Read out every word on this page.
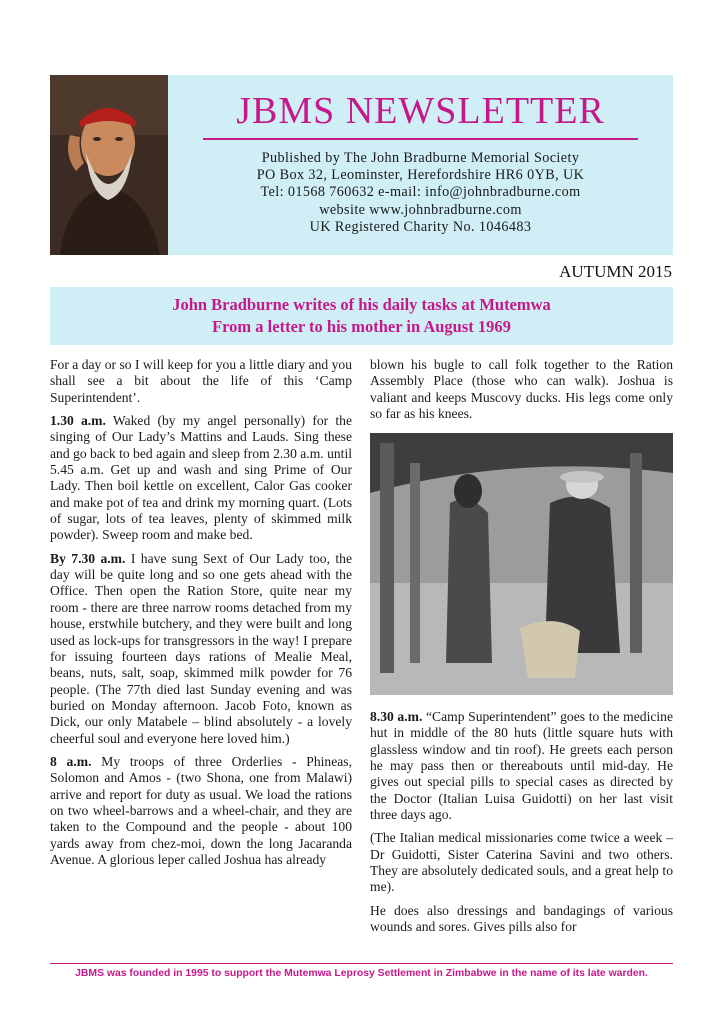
JBMS NEWSLETTER
Published by The John Bradburne Memorial Society
PO Box 32, Leominster, Herefordshire HR6 0YB, UK
Tel: 01568 760632 e-mail: info@johnbradburne.com
website www.johnbradburne.com
UK Registered Charity No. 1046483
AUTUMN 2015
John Bradburne writes of his daily tasks at Mutemwa
From a letter to his mother in August 1969

For a day or so I will keep for you a little diary and you shall see a bit about the life of this ‘Camp Superintendent’.

1.30 a.m. Waked (by my angel personally) for the singing of Our Lady’s Mattins and Lauds. Sing these and go back to bed again and sleep from 2.30 a.m. until 5.45 a.m. Get up and wash and sing Prime of Our Lady. Then boil kettle on excellent, Calor Gas cooker and make pot of tea and drink my morning quart. (Lots of sugar, lots of tea leaves, plenty of skimmed milk powder). Sweep room and make bed.

By 7.30 a.m. I have sung Sext of Our Lady too, the day will be quite long and so one gets ahead with the Office. Then open the Ration Store, quite near my room - there are three narrow rooms detached from my house, erstwhile butchery, and they were built and long used as lock-ups for transgressors in the way! I prepare for issuing fourteen days rations of Mealie Meal, beans, nuts, salt, soap, skimmed milk powder for 76 people. (The 77th died last Sunday evening and was buried on Monday afternoon. Jacob Foto, known as Dick, our only Matabele – blind absolutely - a lovely cheerful soul and everyone here loved him.)

8 a.m. My troops of three Orderlies - Phineas, Solomon and Amos - (two Shona, one from Malawi) arrive and report for duty as usual. We load the rations on two wheel-barrows and a wheel-chair, and they are taken to the Compound and the people - about 100 yards away from chez-moi, down the long Jacaranda Avenue. A glorious leper called Joshua has already

blown his bugle to call folk together to the Ration Assembly Place (those who can walk). Joshua is valiant and keeps Muscovy ducks. His legs come only so far as his knees.

8.30 a.m. “Camp Superintendent” goes to the medicine hut in middle of the 80 huts (little square huts with glassless window and tin roof). He greets each person he may pass then or thereabouts until mid-day. He gives out special pills to special cases as directed by the Doctor (Italian Luisa Guidotti) on her last visit three days ago.

(The Italian medical missionaries come twice a week – Dr Guidotti, Sister Caterina Savini and two others. They are absolutely dedicated souls, and a great help to me).

He does also dressings and bandagings of various wounds and sores. Gives pills also for

JBMS was founded in 1995 to support the Mutemwa Leprosy Settlement in Zimbabwe in the name of its late warden.
